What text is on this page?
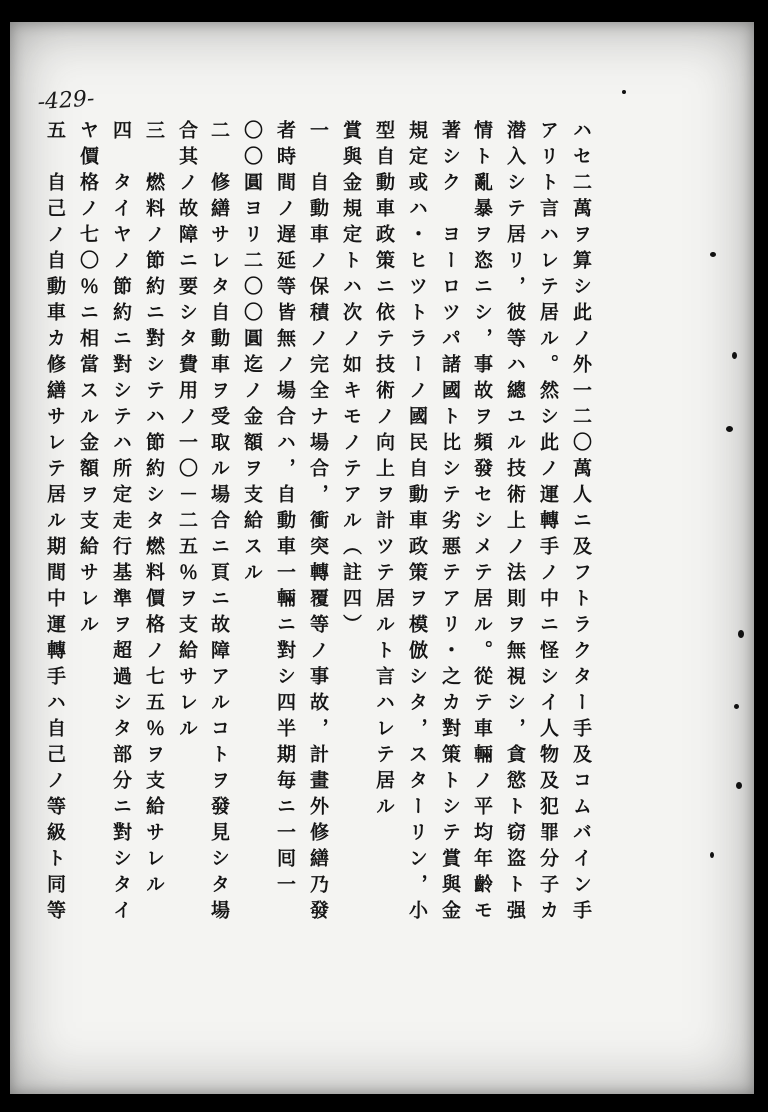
-429-
ハセ二萬ヲ算シ此ノ外一二〇萬人ニ及フトラクター手及コムバイン手
アリト言ハレテ居ル。然シ此ノ運轉手ノ中ニ怪シイ人物及犯罪分子カ
潜入シテ居リ，彼等ハ總ユル技術上ノ法則ヲ無視シ，貪慾ト窃盗ト强
情ト亂暴ヲ恣ニシ，事故ヲ頻發セシメテ居ル。從テ車輛ノ平均年齡モ
著シク　ヨーロツパ諸國ト比シテ劣悪テアリ・之カ對策トシテ賞與金
規定或ハ・ヒツトラーノ國民自動車政策ヲ模倣シタ，スターリン，小
型自動車政策ニ依テ技術ノ向上ヲ計ツテ居ルト言ハレテ居ル
賞與金規定トハ次ノ如キモノテアル（註四）
一　自動車ノ保積ノ完全ナ場合，衝突轉覆等ノ事故，計畫外修繕乃發
者時間ノ遅延等皆無ノ場合ハ，自動車一輛ニ對シ四半期毎ニ一囘一
〇〇圓ヨリ二〇〇圓迄ノ金額ヲ支給スル
二　修繕サレタ自動車ヲ受取ル場合ニ頁ニ故障アルコトヲ發見シタ場
合其ノ故障ニ要シタ費用ノ一〇－二五％ヲ支給サレル
三　燃料ノ節約ニ對シテハ節約シタ燃料價格ノ七五％ヲ支給サレル
四　タイヤノ節約ニ對シテハ所定走行基準ヲ超過シタ部分ニ對シタイ
ヤ價格ノ七〇％ニ相當スル金額ヲ支給サレル
五　自己ノ自動車カ修繕サレテ居ル期間中運轉手ハ自己ノ等級ト同等
